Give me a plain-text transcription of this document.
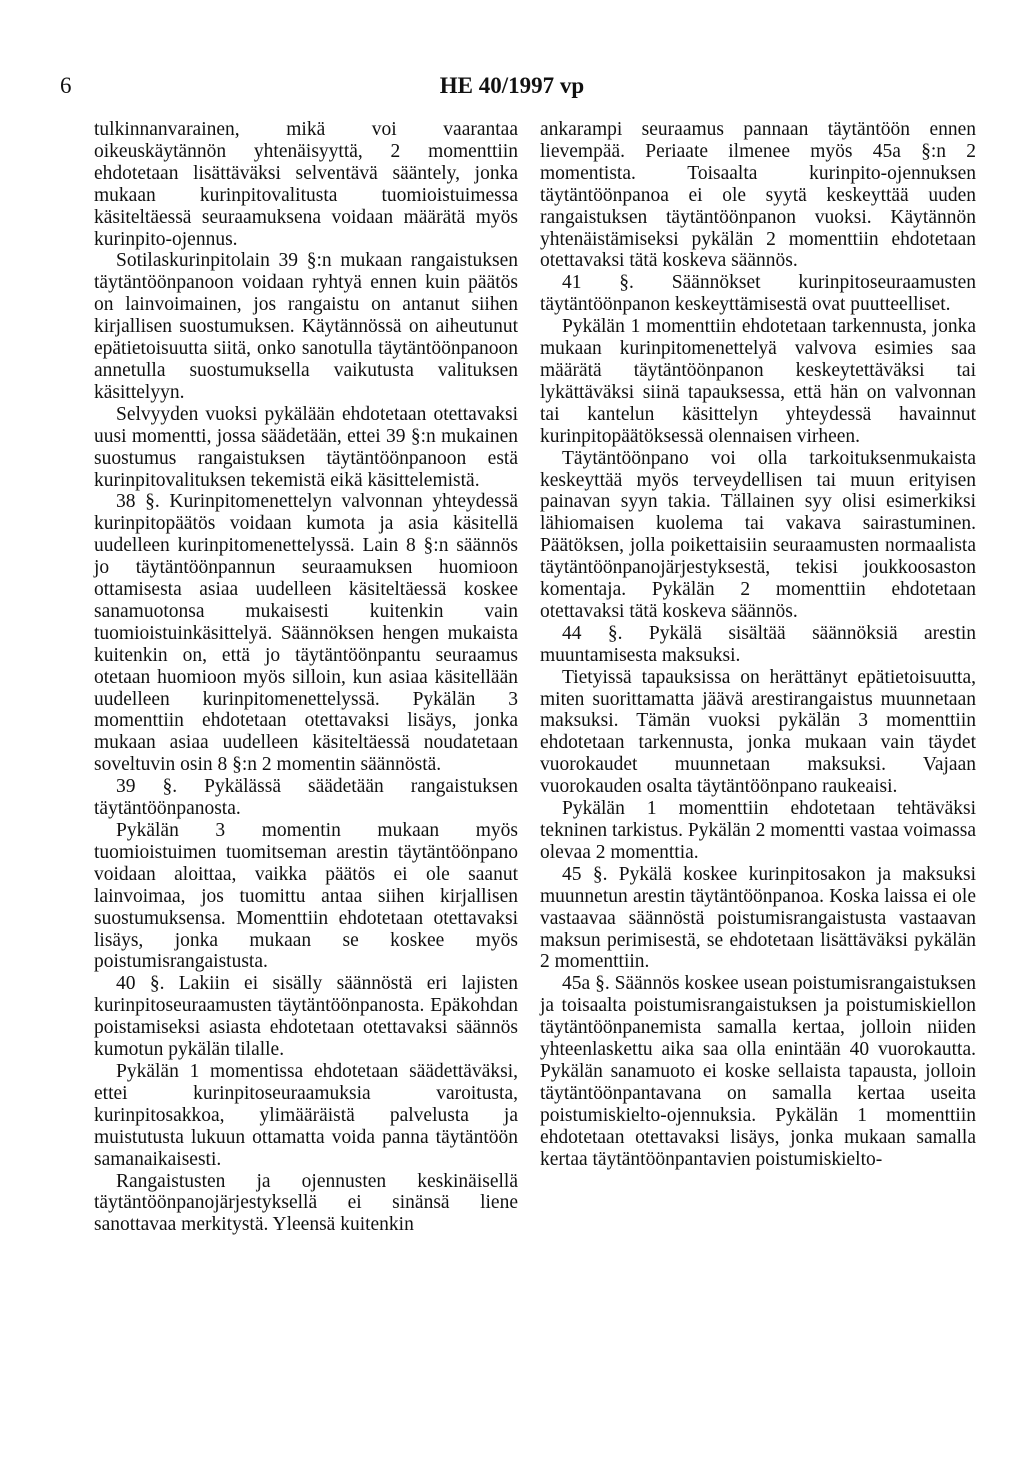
6	HE 40/1997 vp

tulkinnanvarainen, mikä voi vaarantaa oikeuskäytännön yhtenäisyyttä, 2 momenttiin ehdotetaan lisättäväksi selventävä sääntely, jonka mukaan kurinpitovalitusta tuomioistuimessa käsiteltäessä seuraamuksena voidaan määrätä myös kurinpito-ojennus.

Sotilaskurinpitolain 39 §:n mukaan rangaistuksen täytäntöönpanoon voidaan ryhtyä ennen kuin päätös on lainvoimainen, jos rangaistu on antanut siihen kirjallisen suostumuksen. Käytännössä on aiheutunut epätietoisuutta siitä, onko sanotulla täytäntöönpanoon annetulla suostumuksella vaikutusta valituksen käsittelyyn.

Selvyyden vuoksi pykälään ehdotetaan otettavaksi uusi momentti, jossa säädetään, ettei 39 §:n mukainen suostumus rangaistuksen täytäntöönpanoon estä kurinpitovalituksen tekemistä eikä käsittelemistä.

38 §. Kurinpitomenettelyn valvonnan yhteydessä kurinpitopäätös voidaan kumota ja asia käsitellä uudelleen kurinpitomenettelyssä. Lain 8 §:n säännös jo täytäntöönpannun seuraamuksen huomioon ottamisesta asiaa uudelleen käsiteltäessä koskee sanamuotonsa mukaisesti kuitenkin vain tuomioistuinkäsittelyä. Säännöksen hengen mukaista kuitenkin on, että jo täytäntöönpantu seuraamus otetaan huomioon myös silloin, kun asiaa käsitellään uudelleen kurinpitomenettelyssä. Pykälän 3 momenttiin ehdotetaan otettavaksi lisäys, jonka mukaan asiaa uudelleen käsiteltäessä noudatetaan soveltuvin osin 8 §:n 2 momentin säännöstä.

39 §. Pykälässä säädetään rangaistuksen täytäntöönpanosta.

Pykälän 3 momentin mukaan myös tuomioistuimen tuomitseman arestin täytäntöönpano voidaan aloittaa, vaikka päätös ei ole saanut lainvoimaa, jos tuomittu antaa siihen kirjallisen suostumuksensa. Momenttiin ehdotetaan otettavaksi lisäys, jonka mukaan se koskee myös poistumisrangaistusta.

40 §. Lakiin ei sisälly säännöstä eri lajisten kurinpitoseuraamusten täytäntöönpanosta. Epäkohdan poistamiseksi asiasta ehdotetaan otettavaksi säännös kumotun pykälän tilalle.

Pykälän 1 momentissa ehdotetaan säädettäväksi, ettei kurinpitoseuraamuksia varoitusta, kurinpitosakkoa, ylimääräistä palvelusta ja muistutusta lukuun ottamatta voida panna täytäntöön samanaikaisesti.

Rangaistusten ja ojennusten keskinäisellä täytäntöönpanojärjestyksellä ei sinänsä liene sanottavaa merkitystä. Yleensä kuitenkin

ankarampi seuraamus pannaan täytäntöön ennen lievempää. Periaate ilmenee myös 45a §:n 2 momentista. Toisaalta kurinpito-ojennuksen täytäntöönpanoa ei ole syytä keskeyttää uuden rangaistuksen täytäntöönpanon vuoksi. Käytännön yhtenäistämiseksi pykälän 2 momenttiin ehdotetaan otettavaksi tätä koskeva säännös.

41 §. Säännökset kurinpitoseuraamusten täytäntöönpanon keskeyttämisestä ovat puutteelliset.

Pykälän 1 momenttiin ehdotetaan tarkennusta, jonka mukaan kurinpitomenettelyä valvova esimies saa määrätä täytäntöönpanon keskeytettäväksi tai lykättäväksi siinä tapauksessa, että hän on valvonnan tai kantelun käsittelyn yhteydessä havainnut kurinpitopäätöksessä olennaisen virheen.

Täytäntöönpano voi olla tarkoituksenmukaista keskeyttää myös terveydellisen tai muun erityisen painavan syyn takia. Tällainen syy olisi esimerkiksi lähiomaisen kuolema tai vakava sairastuminen. Päätöksen, jolla poikettaisiin seuraamusten normaalista täytäntöönpanojärjestyksestä, tekisi joukkoosaston komentaja. Pykälän 2 momenttiin ehdotetaan otettavaksi tätä koskeva säännös.

44 §. Pykälä sisältää säännöksiä arestin muuntamisesta maksuksi.

Tietyissä tapauksissa on herättänyt epätietoisuutta, miten suorittamatta jäävä arestirangaistus muunnetaan maksuksi. Tämän vuoksi pykälän 3 momenttiin ehdotetaan tarkennusta, jonka mukaan vain täydet vuorokaudet muunnetaan maksuksi. Vajaan vuorokauden osalta täytäntöönpano raukeaisi.

Pykälän 1 momenttiin ehdotetaan tehtäväksi tekninen tarkistus. Pykälän 2 momentti vastaa voimassa olevaa 2 momenttia.

45 §. Pykälä koskee kurinpitosakon ja maksuksi muunnetun arestin täytäntöönpanoa. Koska laissa ei ole vastaavaa säännöstä poistumisrangaistusta vastaavan maksun perimisestä, se ehdotetaan lisättäväksi pykälän 2 momenttiin.

45a §. Säännös koskee usean poistumisrangaistuksen ja toisaalta poistumisrangaistuksen ja poistumiskiellon täytäntöönpanemista samalla kertaa, jolloin niiden yhteenlaskettu aika saa olla enintään 40 vuorokautta. Pykälän sanamuoto ei koske sellaista tapausta, jolloin täytäntöönpantavana on samalla kertaa useita poistumiskielto-ojennuksia. Pykälän 1 momenttiin ehdotetaan otettavaksi lisäys, jonka mukaan samalla kertaa täytäntöönpantavien poistumiskielto-
